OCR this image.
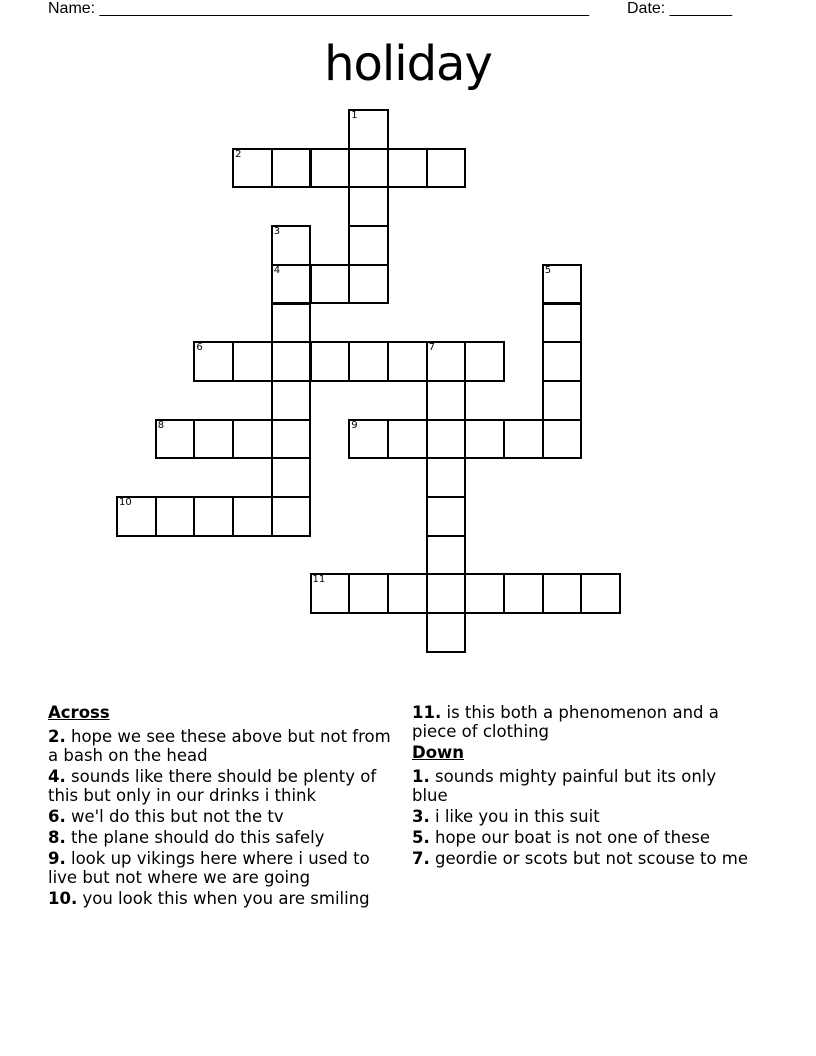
Name: _______________________________________________________ Date: _______
holiday
1
2
3
4	5
6	7
8	9
10
11
Across
2. hope we see these above but not from a bash on the head
4. sounds like there should be plenty of this but only in our drinks i think
6. we'l do this but not the tv
8. the plane should do this safely
9. look up vikings here where i used to live but not where we are going
10. you look this when you are smiling
11. is this both a phenomenon and a piece of clothing
Down
1. sounds mighty painful but its only blue
3. i like you in this suit
5. hope our boat is not one of these
7. geordie or scots but not scouse to me
